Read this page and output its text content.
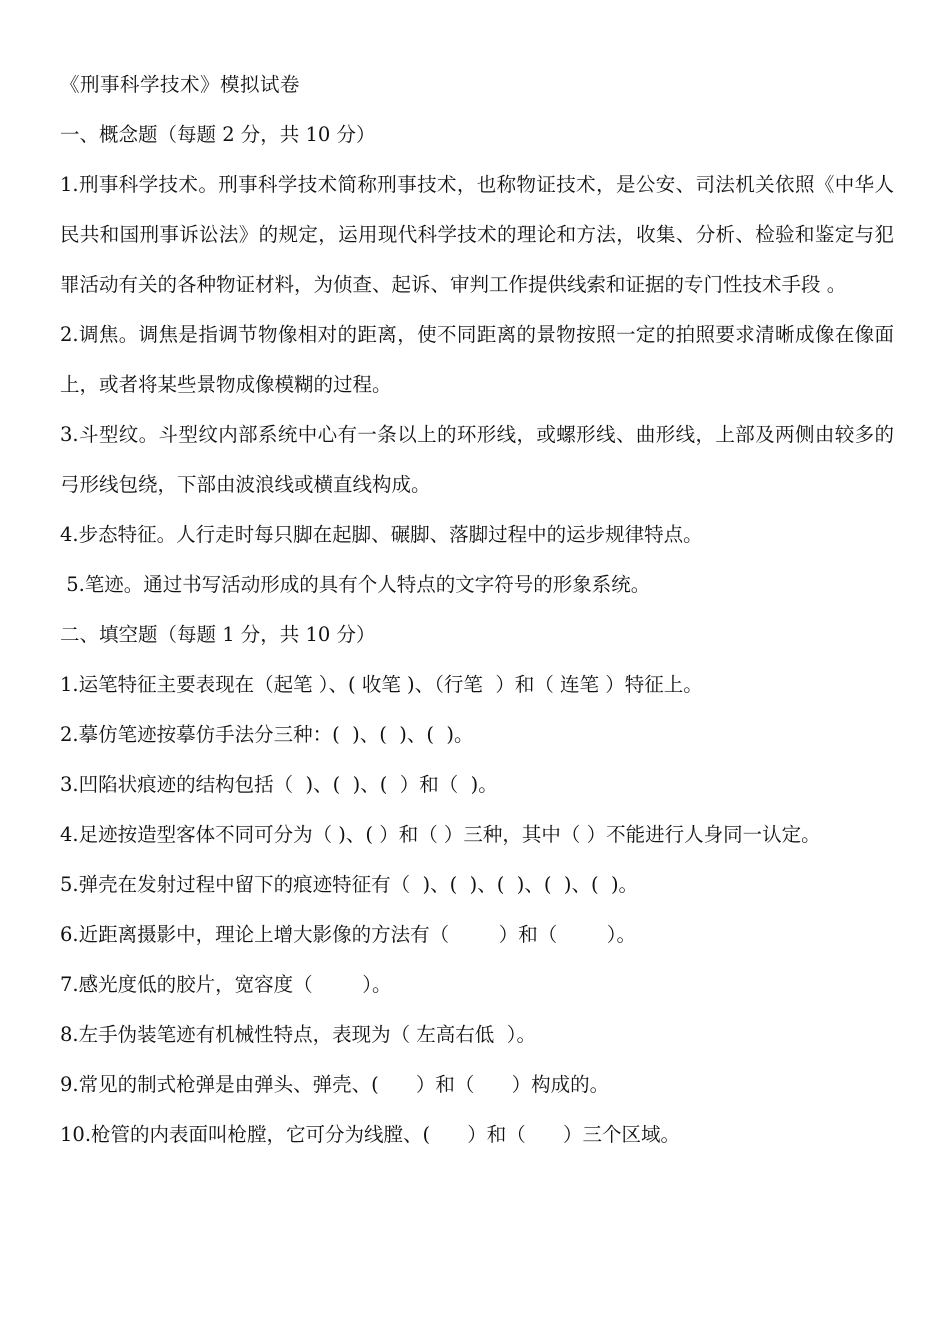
《刑事科学技术》模拟试卷
一、概念题（每题 2 分，共 10 分）
1.刑事科学技术。刑事科学技术简称刑事技术，也称物证技术，是公安、司法机关依照《中华人民共和国刑事诉讼法》的规定，运用现代科学技术的理论和方法，收集、分析、检验和鉴定与犯罪活动有关的各种物证材料，为侦查、起诉、审判工作提供线索和证据的专门性技术手段 。
2.调焦。调焦是指调节物像相对的距离，使不同距离的景物按照一定的拍照要求清晰成像在像面上，或者将某些景物成像模糊的过程。
3.斗型纹。斗型纹内部系统中心有一条以上的环形线，或螺形线、曲形线，上部及两侧由较多的弓形线包绕，下部由波浪线或横直线构成。
4.步态特征。人行走时每只脚在起脚、碾脚、落脚过程中的运步规律特点。
5.笔迹。通过书写活动形成的具有个人特点的文字符号的形象系统。
二、填空题（每题 1 分，共 10 分）
1.运笔特征主要表现在（起笔 ）、( 收笔 )、（行笔  ）和（ 连笔 ）特征上。
2.摹仿笔迹按摹仿手法分三种：(  )、(  )、(  )。
3.凹陷状痕迹的结构包括（  )、(  )、(  ）和（  )。
4.足迹按造型客体不同可分为（ )、( ）和（ ）三种，其中（ ）不能进行人身同一认定。
5.弹壳在发射过程中留下的痕迹特征有（  )、(  )、(  )、(  )、(  )。
6.近距离摄影中，理论上增大影像的方法有（        ）和（        ）。
7.感光度低的胶片，宽容度（        ）。
8.左手伪装笔迹有机械性特点，表现为（ 左高右低  ）。
9.常见的制式枪弹是由弹头、弹壳、(      ）和（      ）构成的。
10.枪管的内表面叫枪膛，它可分为线膛、(      ）和（      ）三个区域。
